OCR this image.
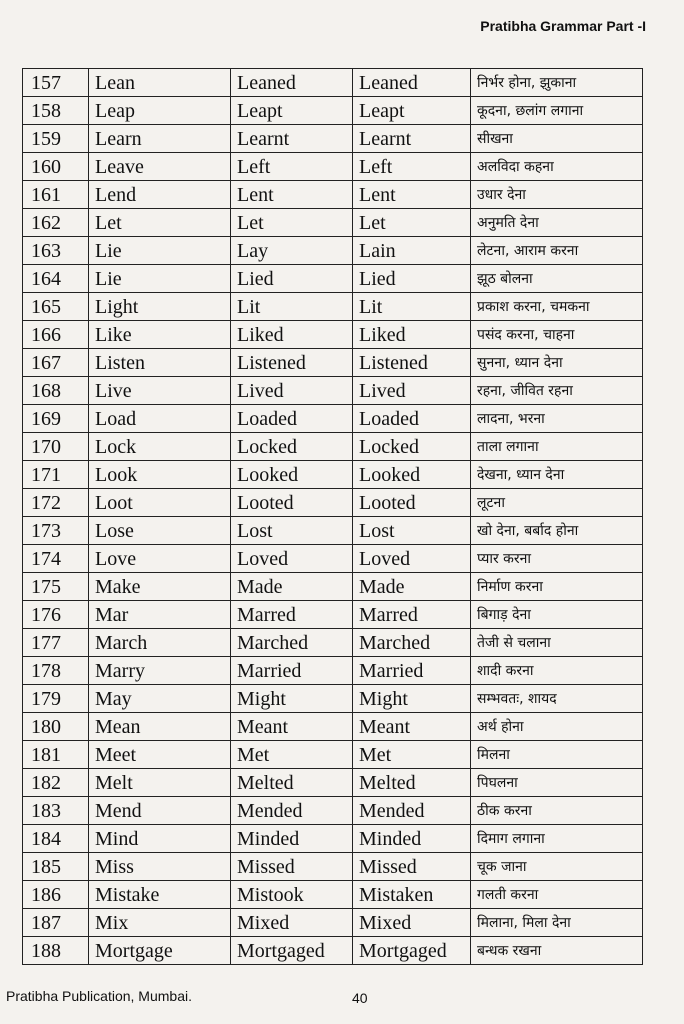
Pratibha Grammar Part -I
157	Lean	Leaned	Leaned	निर्भर होना, झुकाना
158	Leap	Leapt	Leapt	कूदना, छलांग लगाना
159	Learn	Learnt	Learnt	सीखना
160	Leave	Left	Left	अलविदा कहना
161	Lend	Lent	Lent	उधार देना
162	Let	Let	Let	अनुमति देना
163	Lie	Lay	Lain	लेटना, आराम करना
164	Lie	Lied	Lied	झूठ बोलना
165	Light	Lit	Lit	प्रकाश करना, चमकना
166	Like	Liked	Liked	पसंद करना, चाहना
167	Listen	Listened	Listened	सुनना, ध्यान देना
168	Live	Lived	Lived	रहना, जीवित रहना
169	Load	Loaded	Loaded	लादना, भरना
170	Lock	Locked	Locked	ताला लगाना
171	Look	Looked	Looked	देखना, ध्यान देना
172	Loot	Looted	Looted	लूटना
173	Lose	Lost	Lost	खो देना, बर्बाद होना
174	Love	Loved	Loved	प्यार करना
175	Make	Made	Made	निर्माण करना
176	Mar	Marred	Marred	बिगाड़ देना
177	March	Marched	Marched	तेजी से चलाना
178	Marry	Married	Married	शादी करना
179	May	Might	Might	सम्भवतः, शायद
180	Mean	Meant	Meant	अर्थ होना
181	Meet	Met	Met	मिलना
182	Melt	Melted	Melted	पिघलना
183	Mend	Mended	Mended	ठीक करना
184	Mind	Minded	Minded	दिमाग लगाना
185	Miss	Missed	Missed	चूक जाना
186	Mistake	Mistook	Mistaken	गलती करना
187	Mix	Mixed	Mixed	मिलाना, मिला देना
188	Mortgage	Mortgaged	Mortgaged	बन्धक रखना
Pratibha Publication, Mumbai.	40
